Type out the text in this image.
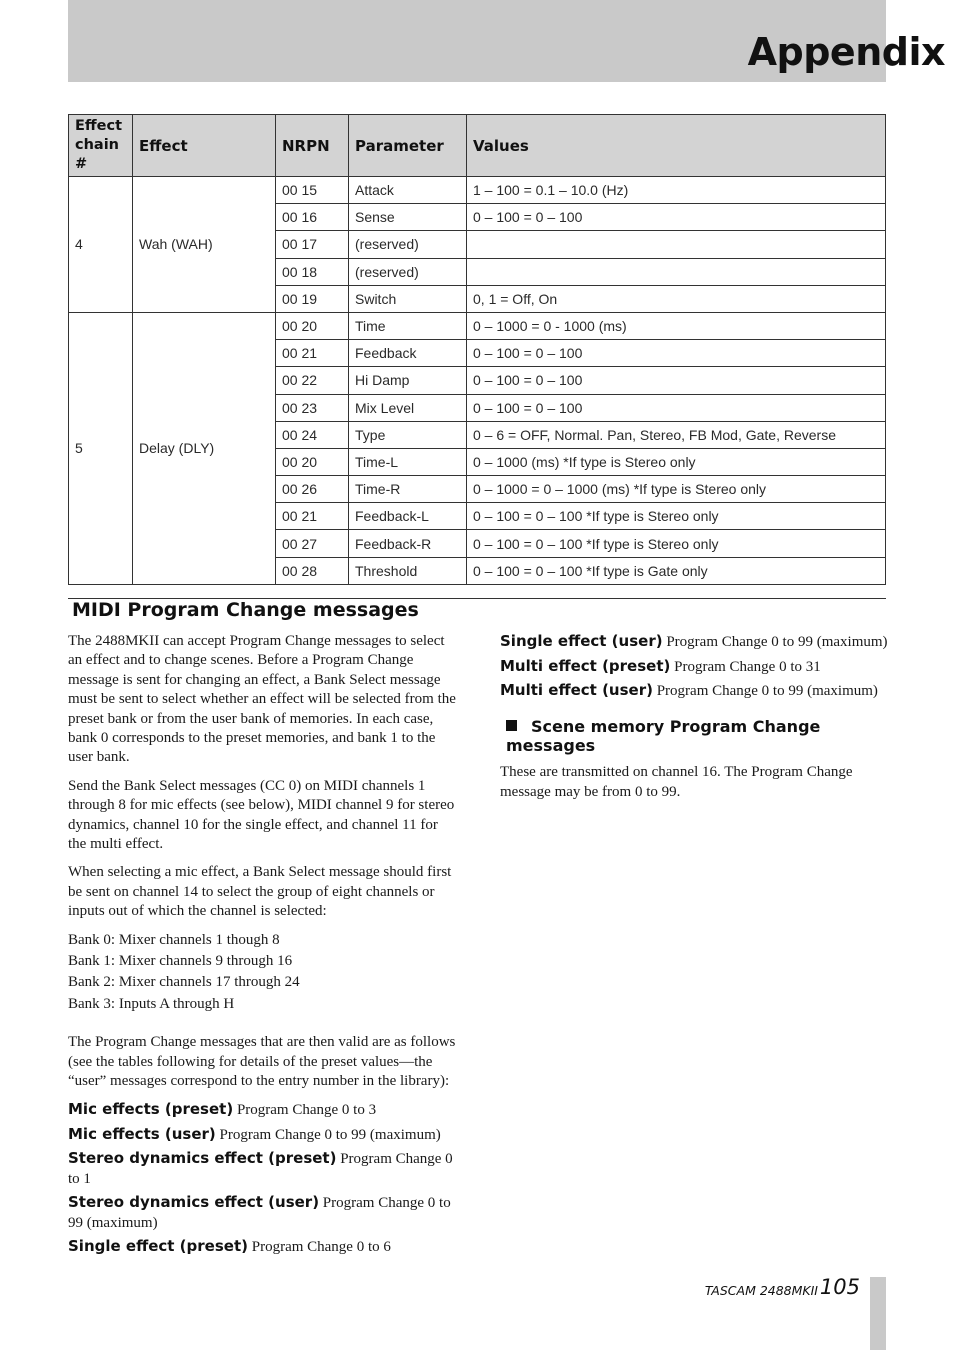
Appendix
Effect chain #	Effect	NRPN	Parameter	Values
4	Wah (WAH)	00 15	Attack	1 – 100 = 0.1 – 10.0 (Hz)
		00 16	Sense	0 – 100 = 0 – 100
		00 17	(reserved)	
		00 18	(reserved)	
		00 19	Switch	0, 1 = Off, On
5	Delay (DLY)	00 20	Time	0 – 1000 = 0 - 1000 (ms)
		00 21	Feedback	0 – 100 = 0 – 100
		00 22	Hi Damp	0 – 100 = 0 – 100
		00 23	Mix Level	0 – 100 = 0 – 100
		00 24	Type	0 – 6 = OFF, Normal. Pan, Stereo, FB Mod, Gate, Reverse
		00 20	Time-L	0 – 1000 (ms) *If type is Stereo only
		00 26	Time-R	0 – 1000 = 0 – 1000 (ms) *If type is Stereo only
		00 21	Feedback-L	0 – 100 = 0 – 100 *If type is Stereo only
		00 27	Feedback-R	0 – 100 = 0 – 100 *If type is Stereo only
		00 28	Threshold	0 – 100 = 0 – 100 *If type is Gate only
MIDI Program Change messages

The 2488MKII can accept Program Change messages to select an effect and to change scenes. Before a Program Change message is sent for changing an effect, a Bank Select message must be sent to select whether an effect will be selected from the preset bank or from the user bank of memories. In each case, bank 0 corresponds to the preset memories, and bank 1 to the user bank.

Send the Bank Select messages (CC 0) on MIDI channels 1 through 8 for mic effects (see below), MIDI channel 9 for stereo dynamics, channel 10 for the single effect, and channel 11 for the multi effect.

When selecting a mic effect, a Bank Select message should first be sent on channel 14 to select the group of eight channels or inputs out of which the channel is selected:

Bank 0: Mixer channels 1 though 8

Bank 1: Mixer channels 9 through 16

Bank 2: Mixer channels 17 through 24

Bank 3: Inputs A through H

The Program Change messages that are then valid are as follows (see the tables following for details of the preset values—the “user” messages correspond to the entry number in the library):

Mic effects (preset) Program Change 0 to 3

Mic effects (user) Program Change 0 to 99 (maximum)

Stereo dynamics effect (preset) Program Change 0 to 1

Stereo dynamics effect (user) Program Change 0 to 99 (maximum)

Single effect (preset) Program Change 0 to 6

Single effect (user) Program Change 0 to 99 (maximum)

Multi effect (preset) Program Change 0 to 31

Multi effect (user) Program Change 0 to 99 (maximum)

Scene memory Program Change messages

These are transmitted on channel 16. The Program Change message may be from 0 to 99.

TASCAM 2488MKII 105
